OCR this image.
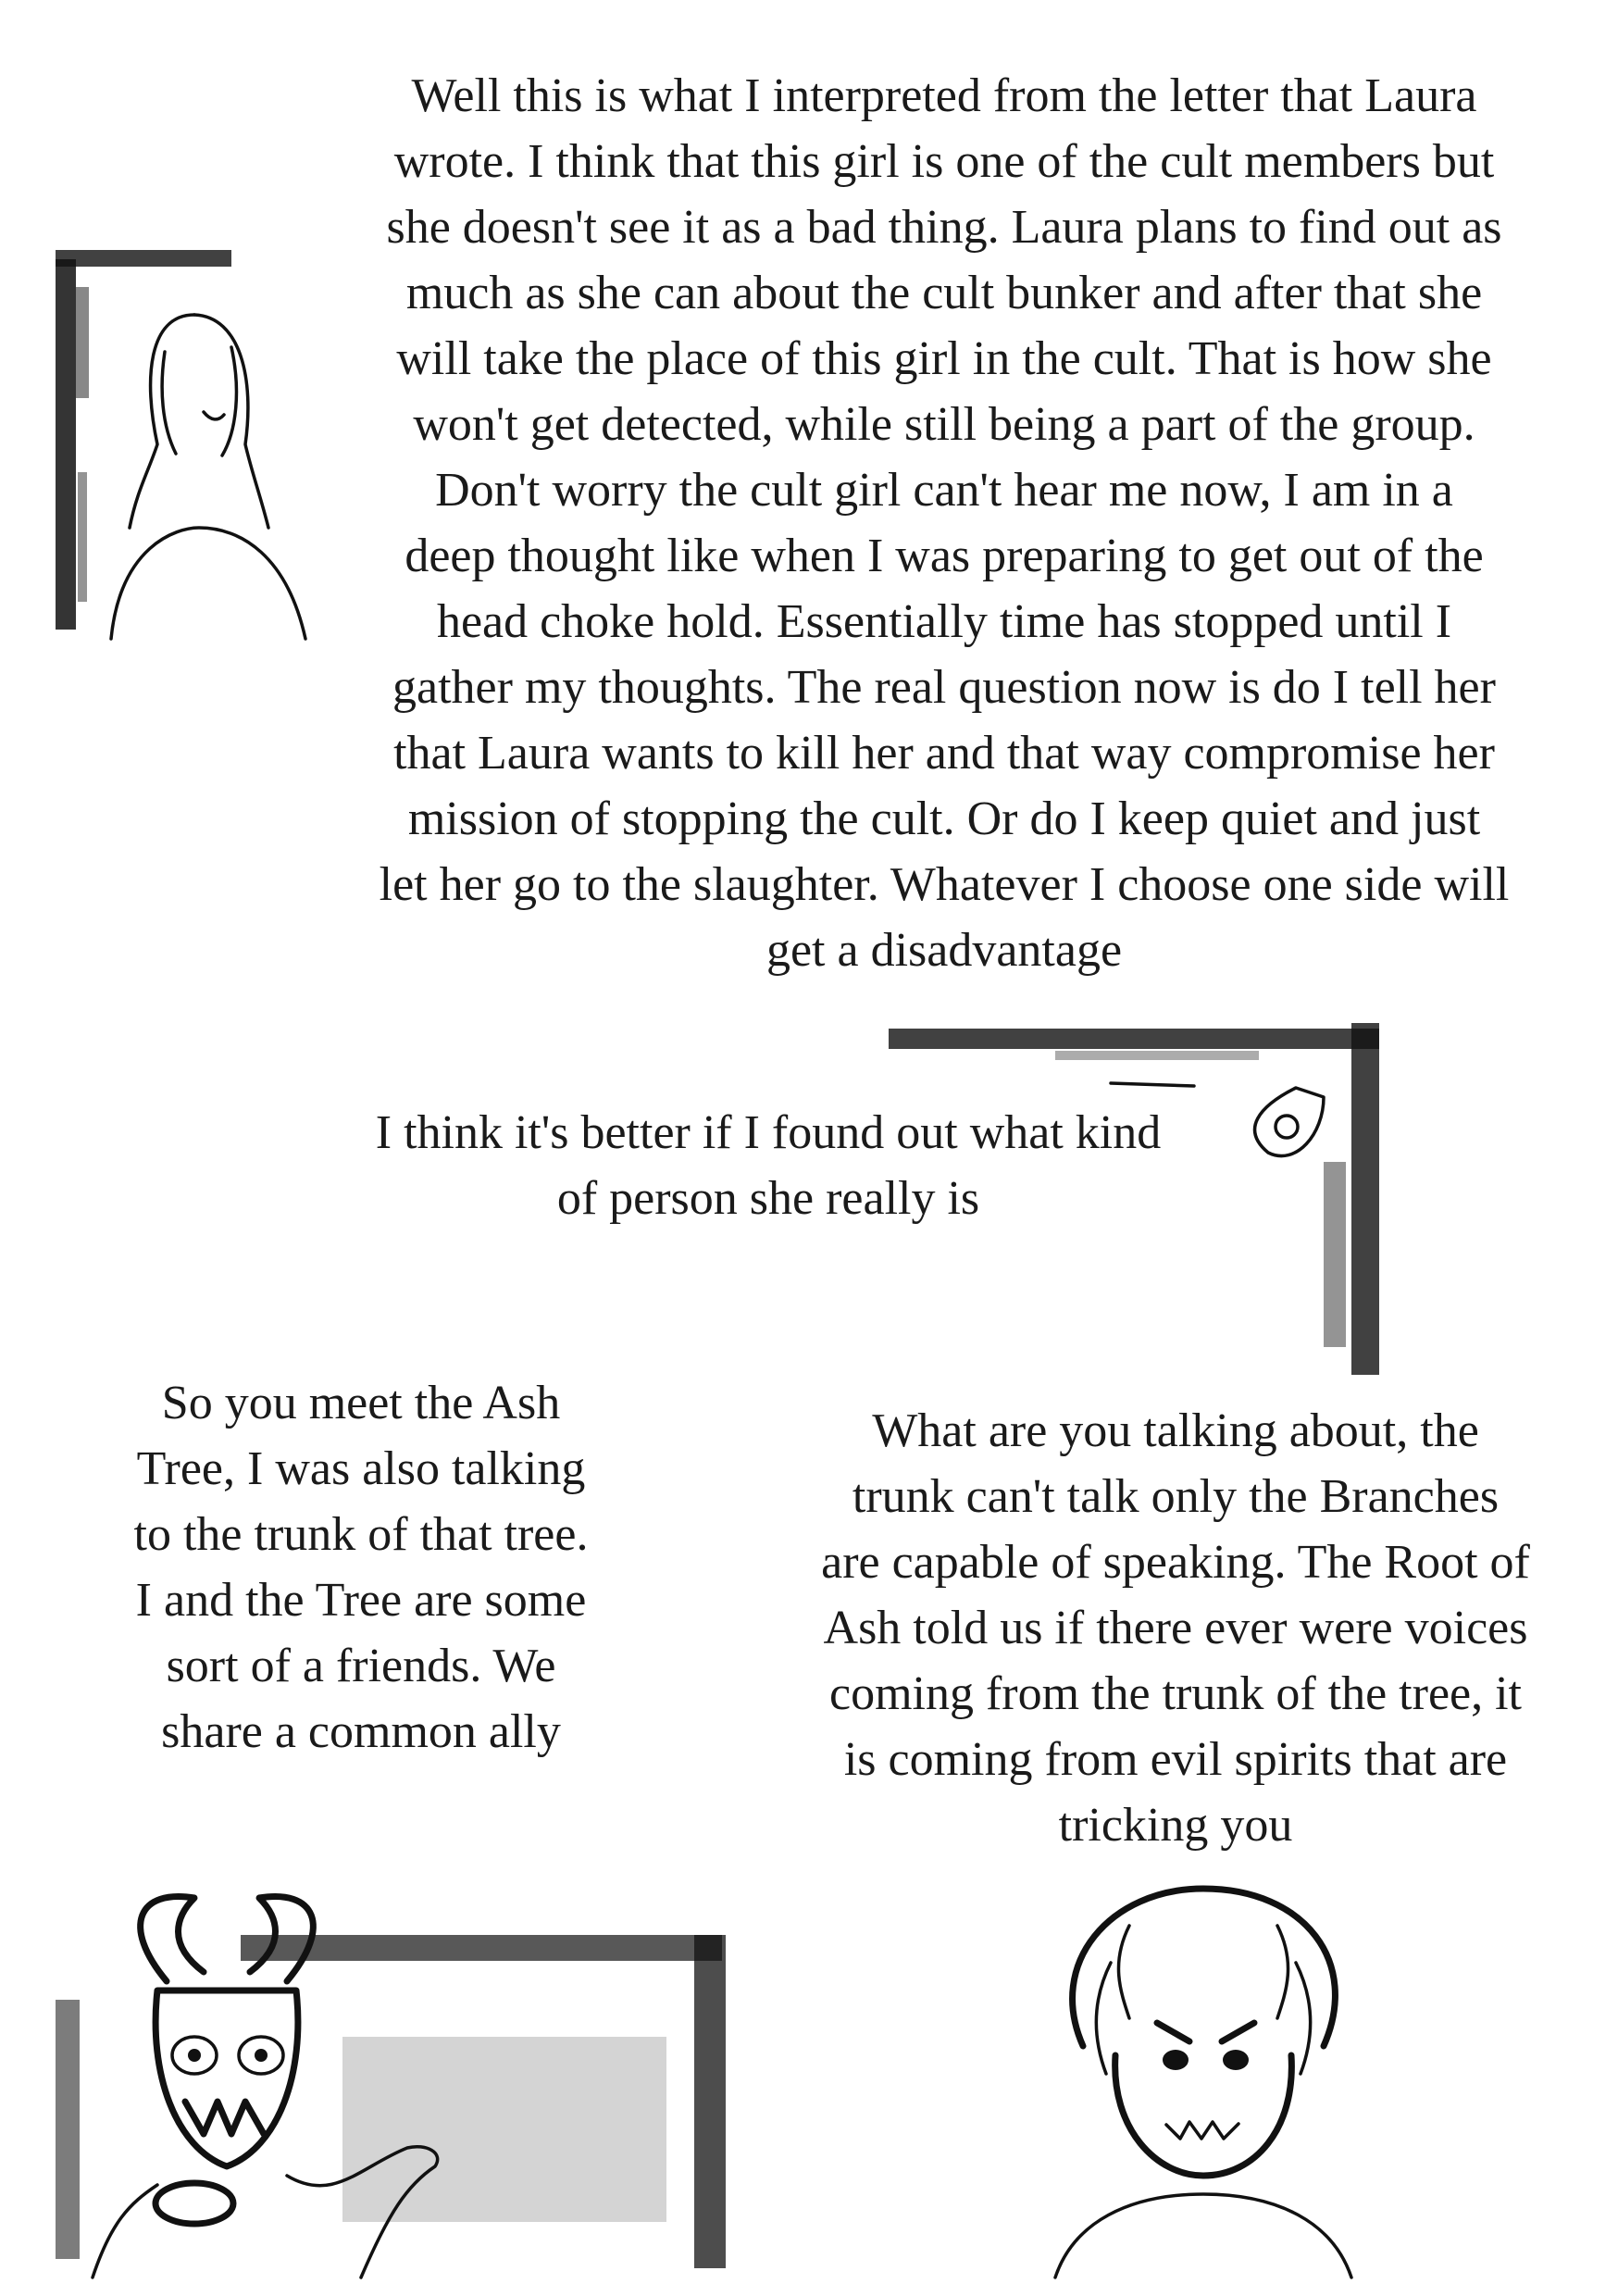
Well this is what I interpreted from the letter that Laura
wrote. I think that this girl is one of the cult members but
she doesn't see it as a bad thing. Laura plans to find out as
much as she can about the cult bunker and after that she
will take the place of this girl in the cult. That is how she
won't get detected, while still being a part of the group.
Don't worry the cult girl can't hear me now, I am in a
deep thought like when I was preparing to get out of the
head choke hold. Essentially time has stopped until I
gather my thoughts. The real question now is do I tell her
that Laura wants to kill her and that way compromise her
mission of stopping the cult. Or do I keep quiet and just
let her go to the slaughter. Whatever I choose one side will
get a disadvantage

I think it's better if I found out what kind
of person she really is

So you meet the Ash
Tree, I was also talking
to the trunk of that tree.
I and the Tree are some
sort of a friends. We
share a common ally

What are you talking about, the
trunk can't talk only the Branches
are capable of speaking. The Root of
Ash told us if there ever were voices
coming from the trunk of the tree, it
is coming from evil spirits that are
tricking you
